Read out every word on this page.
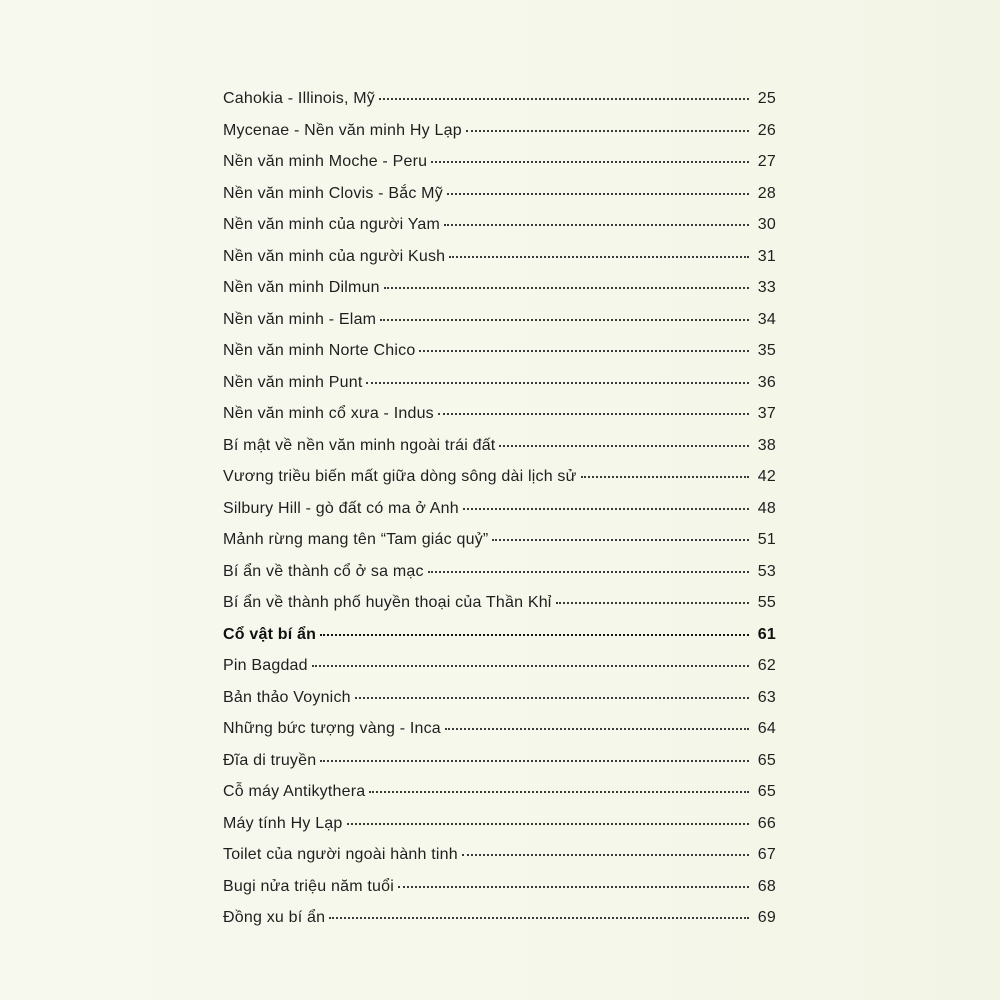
Cahokia - Illinois, Mỹ	25
Mycenae - Nền văn minh Hy Lạp	26
Nền văn minh Moche - Peru	27
Nền văn minh Clovis - Bắc Mỹ	28
Nền văn minh của người Yam	30
Nền văn minh của người Kush	31
Nền văn minh Dilmun	33
Nền văn minh - Elam	34
Nền văn minh Norte Chico	35
Nền văn minh Punt	36
Nền văn minh cổ xưa - Indus	37
Bí mật về nền văn minh ngoài trái đất	38
Vương triều biến mất giữa dòng sông dài lịch sử	42
Silbury Hill - gò đất có ma ở Anh	48
Mảnh rừng mang tên “Tam giác quỷ”	51
Bí ẩn về thành cổ ở sa mạc	53
Bí ẩn về thành phố huyền thoại của Thần Khỉ	55
Cổ vật bí ẩn	61
Pin Bagdad	62
Bản thảo Voynich	63
Những bức tượng vàng - Inca	64
Đĩa di truyền	65
Cỗ máy Antikythera	65
Máy tính Hy Lạp	66
Toilet của người ngoài hành tinh	67
Bugi nửa triệu năm tuổi	68
Đồng xu bí ẩn	69
